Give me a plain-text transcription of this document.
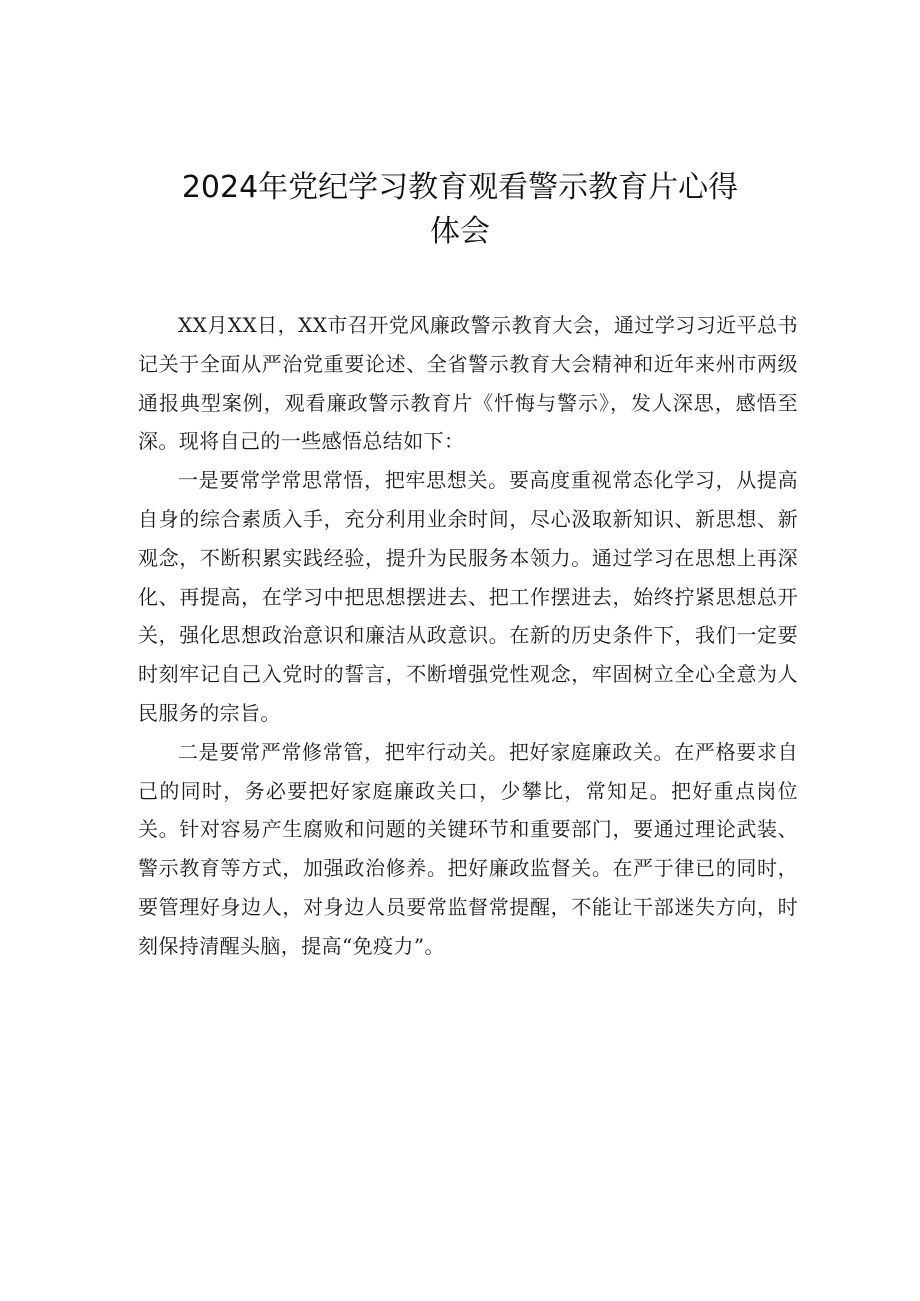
2024年党纪学习教育观看警示教育片心得
体会

XX月XX日，XX市召开党风廉政警示教育大会，通过学习习近平总书记关于全面从严治党重要论述、全省警示教育大会精神和近年来州市两级通报典型案例，观看廉政警示教育片《忏悔与警示》，发人深思，感悟至深。现将自己的一些感悟总结如下：

一是要常学常思常悟，把牢思想关。要高度重视常态化学习，从提高自身的综合素质入手，充分利用业余时间，尽心汲取新知识、新思想、新观念，不断积累实践经验，提升为民服务本领力。通过学习在思想上再深化、再提高，在学习中把思想摆进去、把工作摆进去，始终拧紧思想总开关，强化思想政治意识和廉洁从政意识。在新的历史条件下，我们一定要时刻牢记自己入党时的誓言，不断增强党性观念，牢固树立全心全意为人民服务的宗旨。

二是要常严常修常管，把牢行动关。把好家庭廉政关。在严格要求自己的同时，务必要把好家庭廉政关口，少攀比，常知足。把好重点岗位关。针对容易产生腐败和问题的关键环节和重要部门，要通过理论武装、警示教育等方式，加强政治修养。把好廉政监督关。在严于律已的同时，要管理好身边人，对身边人员要常监督常提醒，不能让干部迷失方向，时刻保持清醒头脑，提高“免疫力”。
